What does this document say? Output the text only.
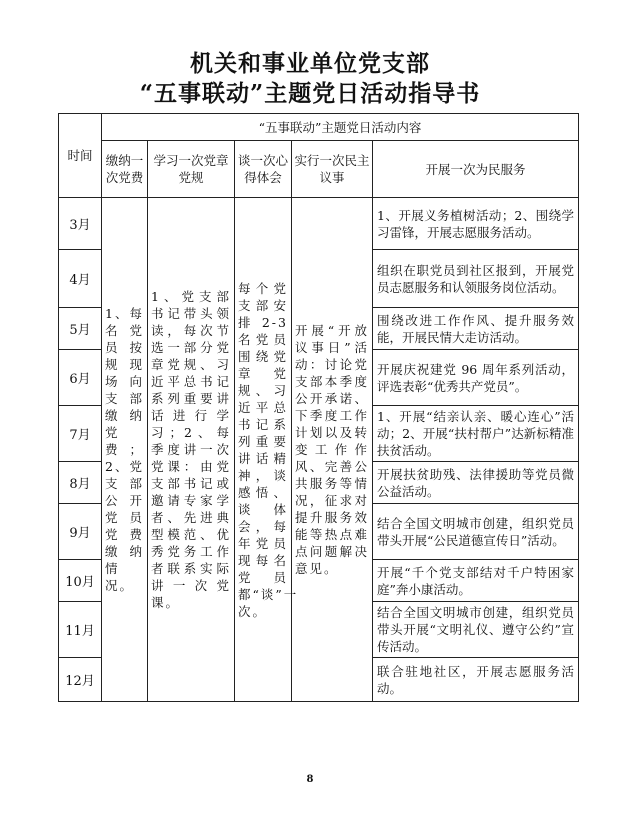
机关和事业单位党支部
“五事联动”主题党日活动指导书
时间	“五事联动”主题党日活动内容				
	缴纳一次党费	学习一次党章党规	谈一次心得体会	实行一次民主议事	开展一次为民服务
3月	1、每名党员按规现场向支部缴纳党费；2、党支部公开党员党费缴纳情况。	1、党支部书记带头领读，每次节选一部分党章党规、习近平总书记系列重要讲话进行学习；2、每季度讲一次党课：由党支部书记或邀请专家学者、先进典型模范、优秀党务工作者联系实际讲一次党课。	每个党支部安排2-3名党员围绕党章党规、习近平总书记系列重要讲话精神，谈感悟、谈体会，每年党员现每名党员都“谈”一次。	开展“开放议事日”活动：讨论党支部本季度公开承诺、下季度工作计划以及转变工作作风、完善公共服务等情况，征求对提升服务效能等热点难点问题解决意见。	1、开展义务植树活动；2、围绕学习雷锋，开展志愿服务活动。
4月					组织在职党员到社区报到，开展党员志愿服务和认领服务岗位活动。
5月					围绕改进工作作风、提升服务效能，开展民情大走访活动。
6月					开展庆祝建党 96 周年系列活动，评选表彰“优秀共产党员”。
7月					1、开展“结亲认亲、暖心连心”活动；2、开展“扶村帮户”达新标精准扶贫活动。
8月					开展扶贫助残、法律援助等党员微公益活动。
9月					结合全国文明城市创建，组织党员带头开展“公民道德宣传日”活动。
10月					开展“千个党支部结对千户特困家庭”奔小康活动。
11月					结合全国文明城市创建，组织党员带头开展“文明礼仪、遵守公约”宣传活动。
12月					联合驻地社区，开展志愿服务活动。
8
